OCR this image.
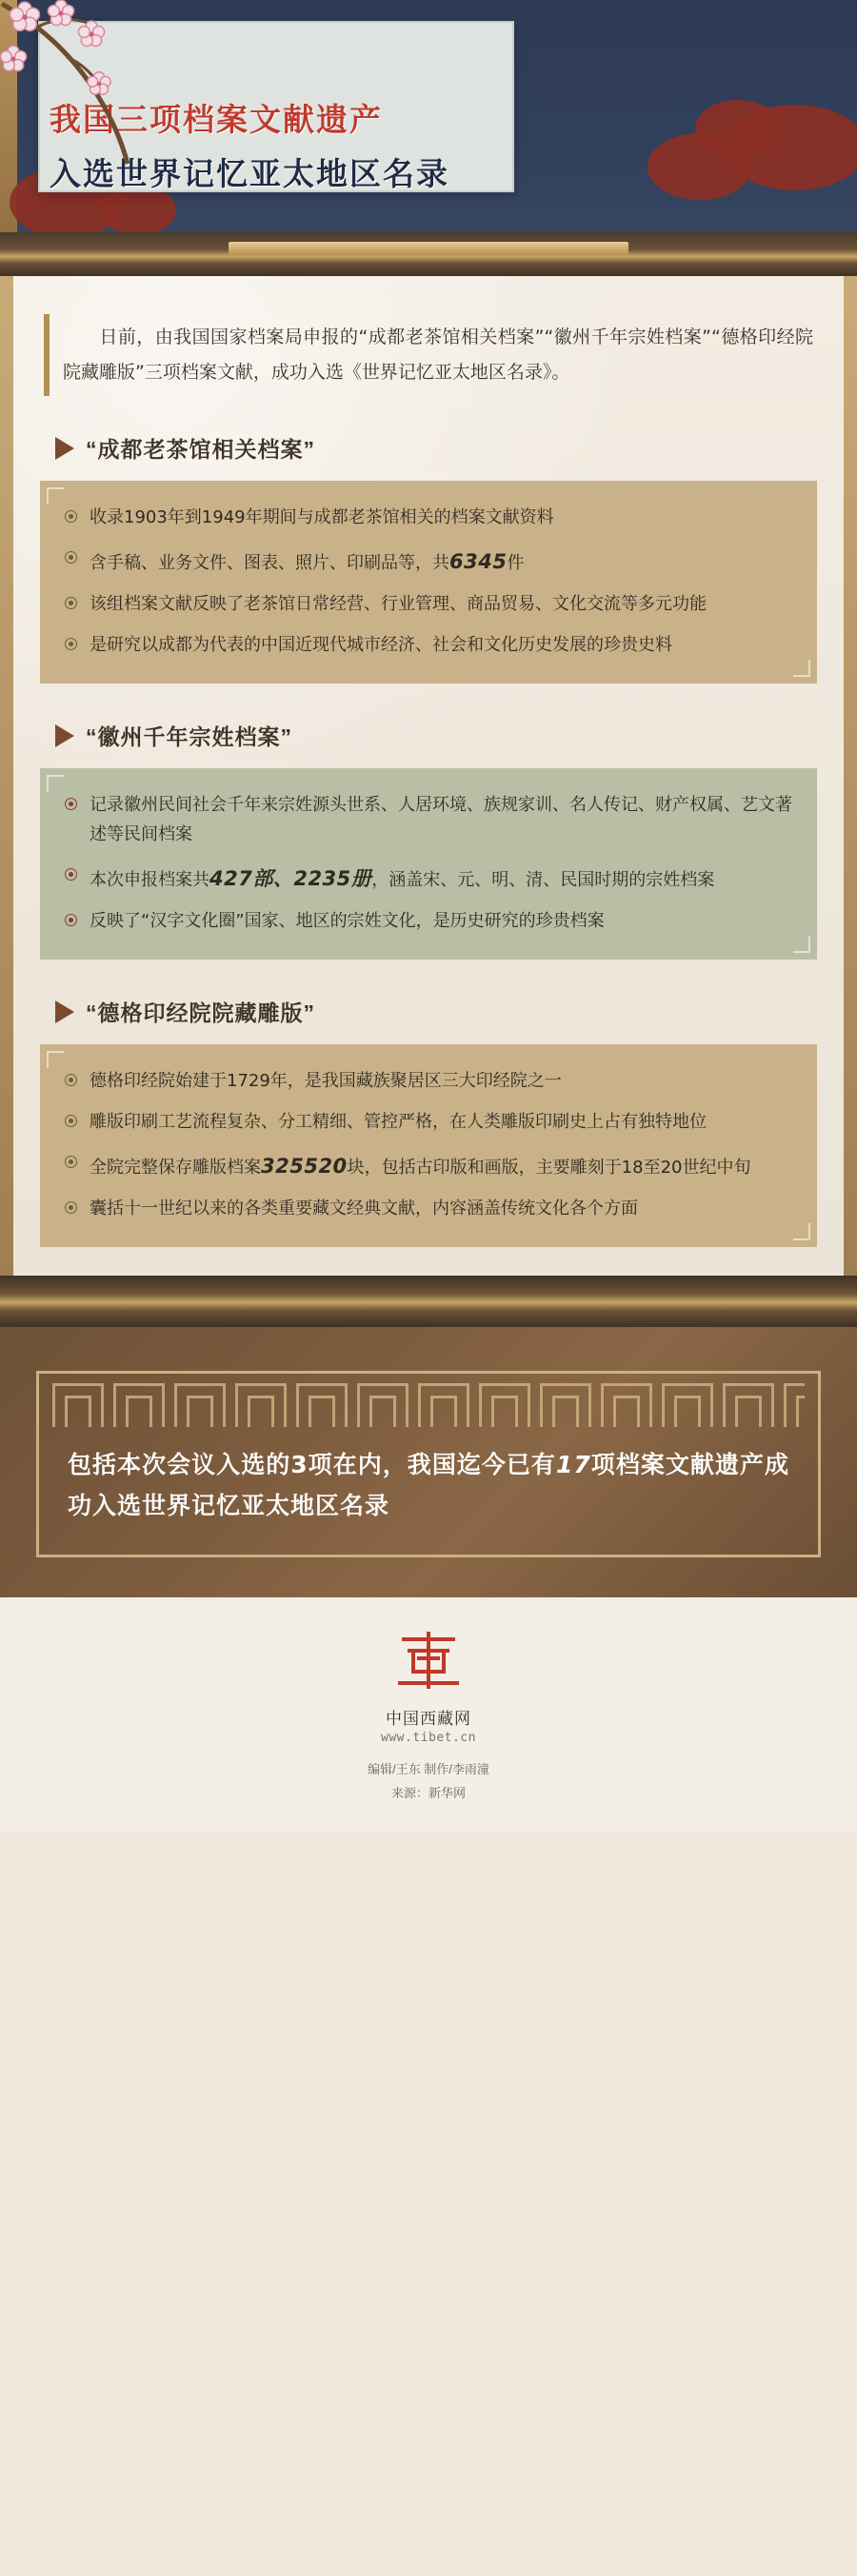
我国三项档案文献遗产
入选世界记忆亚太地区名录

日前，由我国国家档案局申报的“成都老茶馆相关档案”“徽州千年宗姓档案”“德格印经院院藏雕版”三项档案文献，成功入选《世界记忆亚太地区名录》。

“成都老茶馆相关档案”
收录1903年到1949年期间与成都老茶馆相关的档案文献资料
含手稿、业务文件、图表、照片、印刷品等，共6345件
该组档案文献反映了老茶馆日常经营、行业管理、商品贸易、文化交流等多元功能
是研究以成都为代表的中国近现代城市经济、社会和文化历史发展的珍贵史料
“徽州千年宗姓档案”
记录徽州民间社会千年来宗姓源头世系、人居环境、族规家训、名人传记、财产权属、艺文著述等民间档案
本次申报档案共427部、2235册，涵盖宋、元、明、清、民国时期的宗姓档案
反映了“汉字文化圈”国家、地区的宗姓文化，是历史研究的珍贵档案
“德格印经院院藏雕版”
德格印经院始建于1729年，是我国藏族聚居区三大印经院之一
雕版印刷工艺流程复杂、分工精细、管控严格，在人类雕版印刷史上占有独特地位
全院完整保存雕版档案325520块，包括古印版和画版，主要雕刻于18至20世纪中旬
囊括十一世纪以来的各类重要藏文经典文献，内容涵盖传统文化各个方面
包括本次会议入选的3项在内，我国迄今已有17项档案文献遗产成功入选世界记忆亚太地区名录
中国西藏网
www.tibet.cn
编辑/王东 制作/李雨潼
来源：新华网
